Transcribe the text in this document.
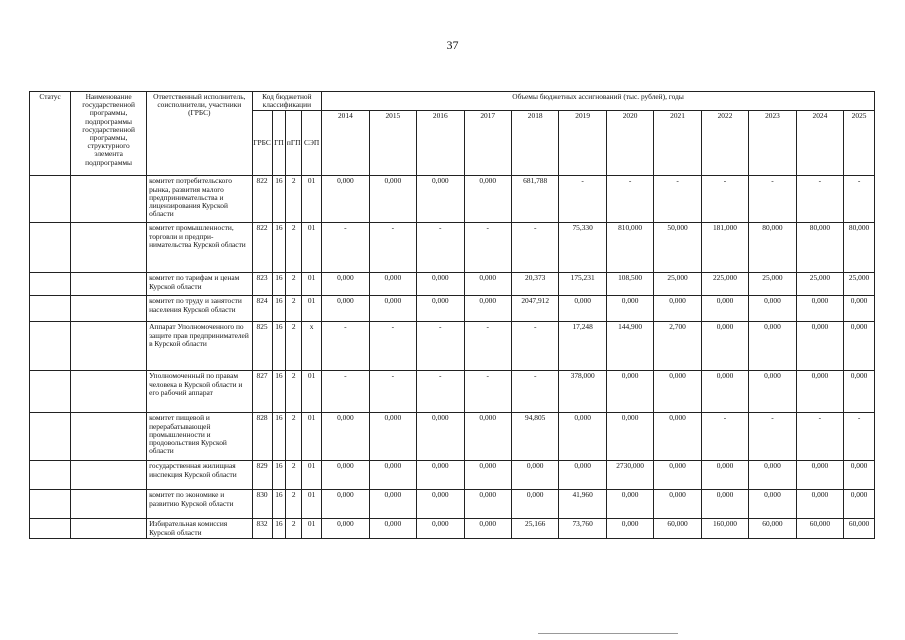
37
Статус	Наименование государственной программы, подпрограммы государственной программы, структурного элемента подпрограммы	Ответственный исполнитель, соисполнители, участники (ГРБС)	Код бюджетной классификации				Объемы бюджетных ассигнований (тыс. рублей), годы											
			ГРБС	ГП	пГП	СЭП	2014	2015	2016	2017	2018	2019	2020	2021	2022	2023	2024	2025

		комитет потребительского рынка, развития малого предпринимательства и лицензирования Курской области	822	16	2	01	0,000	0,000	0,000	0,000	681,788	-	-	-	-	-	-	-
		комитет промышленности, торговли и предпри-нимательства Курской области	822	16	2	01	-	-	-	-	-	75,330	810,000	50,000	181,000	80,000	80,000	80,000
		комитет по тарифам и ценам Курской области	823	16	2	01	0,000	0,000	0,000	0,000	20,373	175,231	108,500	25,000	225,000	25,000	25,000	25,000
		комитет по труду и занятости населения Курской области	824	16	2	01	0,000	0,000	0,000	0,000	2047,912	0,000	0,000	0,000	0,000	0,000	0,000	0,000
		Аппарат Уполномоченного по защите прав предпринимателей в Курской области	825	16	2	х	-	-	-	-	-	17,248	144,900	2,700	0,000	0,000	0,000	0,000
		Уполномоченный по правам человека в Курской области и его рабочий аппарат	827	16	2	01	-	-	-	-	-	378,000	0,000	0,000	0,000	0,000	0,000	0,000
		комитет пищевой и перерабатывающей промышленности и продовольствия Курской области	828	16	2	01	0,000	0,000	0,000	0,000	94,805	0,000	0,000	0,000	-	-	-	-
		государственная жилищная инспекция Курской области	829	16	2	01	0,000	0,000	0,000	0,000	0,000	0,000	2730,000	0,000	0,000	0,000	0,000	0,000
		комитет по экономике и развитию Курской области	830	16	2	01	0,000	0,000	0,000	0,000	0,000	41,960	0,000	0,000	0,000	0,000	0,000	0,000
		Избирательная комиссия Курской области	832	16	2	01	0,000	0,000	0,000	0,000	25,166	73,760	0,000	60,000	160,000	60,000	60,000	60,000
